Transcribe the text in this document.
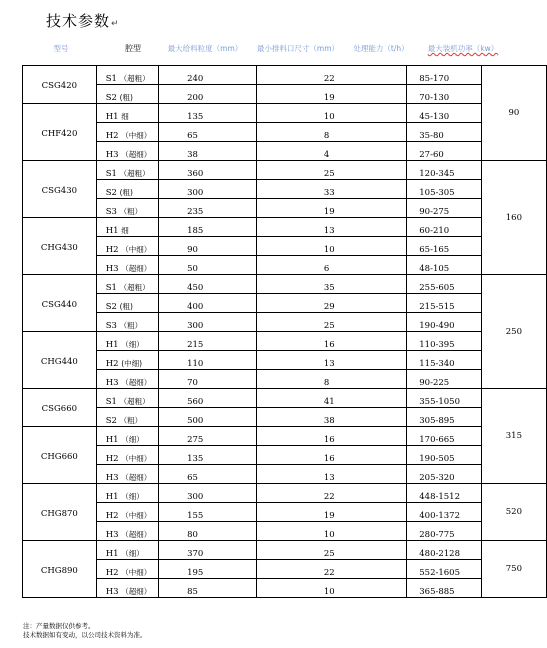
技术参数↵
型号	腔型	最大给料粒度（mm）	最小排料口尺寸（mm）	处理能力（t/h）	最大装机功率（kw）
CSG420	S1 （超粗）	240	22	85-170	90
	S2 (粗)	200	19	70-130	
CHF420	H1 细	135	10	45-130	
	H2 （中细）	65	8	35-80	
	H3 （超细）	38	4	27-60	
CSG430	S1 （超粗）	360	25	120-345	160
	S2 (粗)	300	33	105-305	
	S3 （粗）	235	19	90-275	
CHG430	H1 细	185	13	60-210	
	H2 （中细）	90	10	65-165	
	H3 （超细）	50	6	48-105	
CSG440	S1 （超粗）	450	35	255-605	250
	S2 (粗)	400	29	215-515	
	S3 （粗）	300	25	190-490	
CHG440	H1 （细）	215	16	110-395	
	H2 (中细)	110	13	115-340	
	H3 （超细）	70	8	90-225	
CSG660	S1 （超粗）	560	41	355-1050	315
	S2 （粗）	500	38	305-895	
CHG660	H1 （细）	275	16	170-665	
	H2 （中细）	135	16	190-505	
	H3 （超细）	65	13	205-320	
CHG870	H1 （细）	300	22	448-1512	520
	H2 （中细）	155	19	400-1372	
	H3 （超细）	80	10	280-775	
CHG890	H1 （细）	370	25	480-2128	750
	H2 （中细）	195	22	552-1605	
	H3 （超细）	85	10	365-885	
注：产量数据仅供参考。
技术数据如有变动，以公司技术资料为准。
